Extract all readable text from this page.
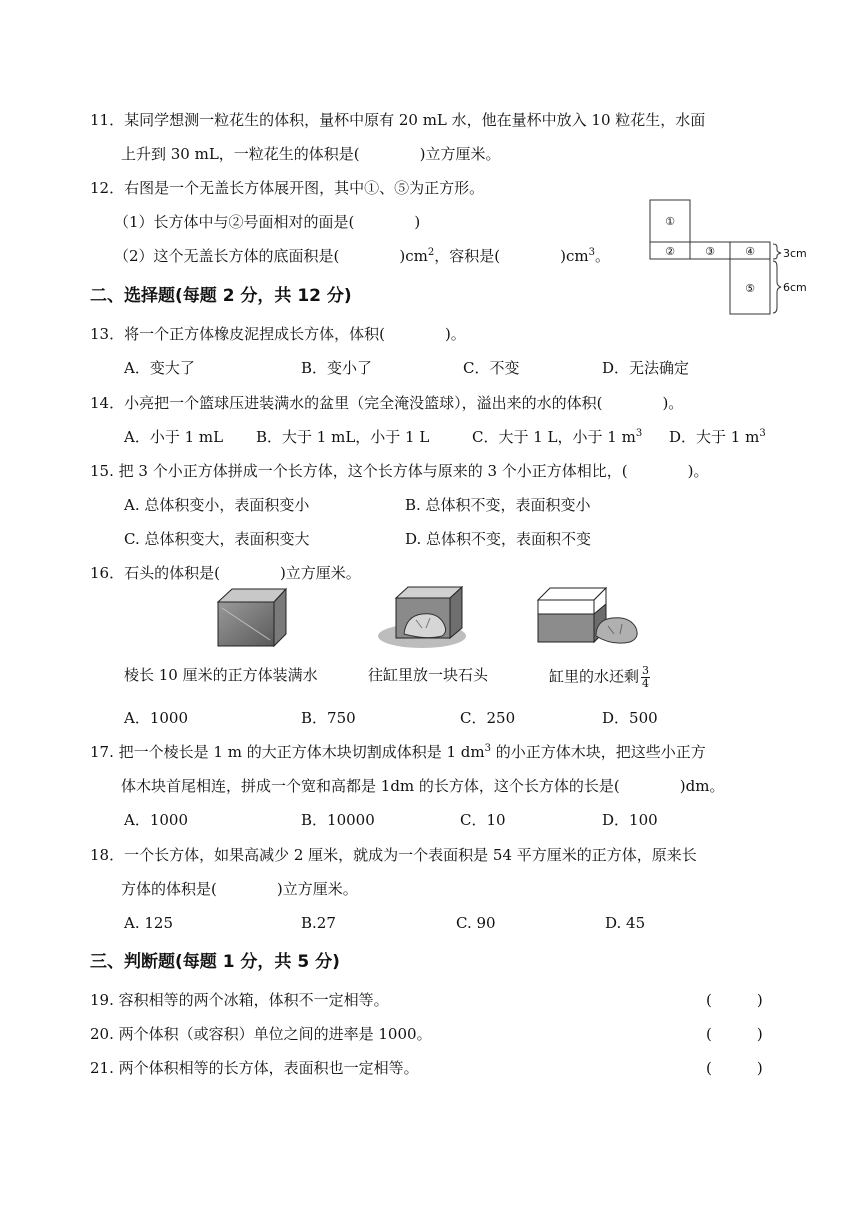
11．某同学想测一粒花生的体积，量杯中原有 20 mL 水，他在量杯中放入 10 粒花生，水面
上升到 30 mL，一粒花生的体积是(　　　　)立方厘米。
12．右图是一个无盖长方体展开图，其中①、⑤为正方形。
（1）长方体中与②号面相对的面是(　　　　)
（2）这个无盖长方体的底面积是(　　　　)$cm^2$，容积是(　　　　)$cm^3$。
①
②	③	④
⑤
3cm
6cm
二、选择题(每题 2 分，共 12 分)
13．将一个正方体橡皮泥捏成长方体，体积(　　　　)。
A．变大了	B．变小了	C．不变	D．无法确定
14．小亮把一个篮球压进装满水的盆里（完全淹没篮球），溢出来的水的体积(　　　　)。
A．小于 1 mL B．大于 1 mL，小于 1 L	C．大于 1 L，小于 1 $m^3$ D．大于 1 $m^3$
15. 把 3 个小正方体拼成一个长方体，这个长方体与原来的 3 个小正方体相比，(　　　　)。
A. 总体积变小，表面积变小	B. 总体积不变，表面积变小
C. 总体积变大，表面积变大	D. 总体积不变，表面积不变
16．石头的体积是(　　　　)立方厘米。
棱长 10 厘米的正方体装满水	往缸里放一块石头	缸里的水还剩 $\frac{3}{4}$
A．1000	B．750	C．250	D．500
17. 把一个棱长是 1 m 的大正方体木块切割成体积是 1 $dm^3$ 的小正方体木块，把这些小正方
体木块首尾相连，拼成一个宽和高都是 1dm 的长方体，这个长方体的长是(　　　　)dm。
A．1000	B．10000	C．10	D．100
18．一个长方体，如果高减少 2 厘米，就成为一个表面积是 54 平方厘米的正方体，原来长
方体的体积是(　　　　)立方厘米。
A. 125	B.27	C. 90	D. 45
三、判断题(每题 1 分，共 5 分)
19. 容积相等的两个冰箱，体积不一定相等。	(　　　)
20. 两个体积（或容积）单位之间的进率是 1000。	(　　　)
21. 两个体积相等的长方体，表面积也一定相等。	(　　　)
